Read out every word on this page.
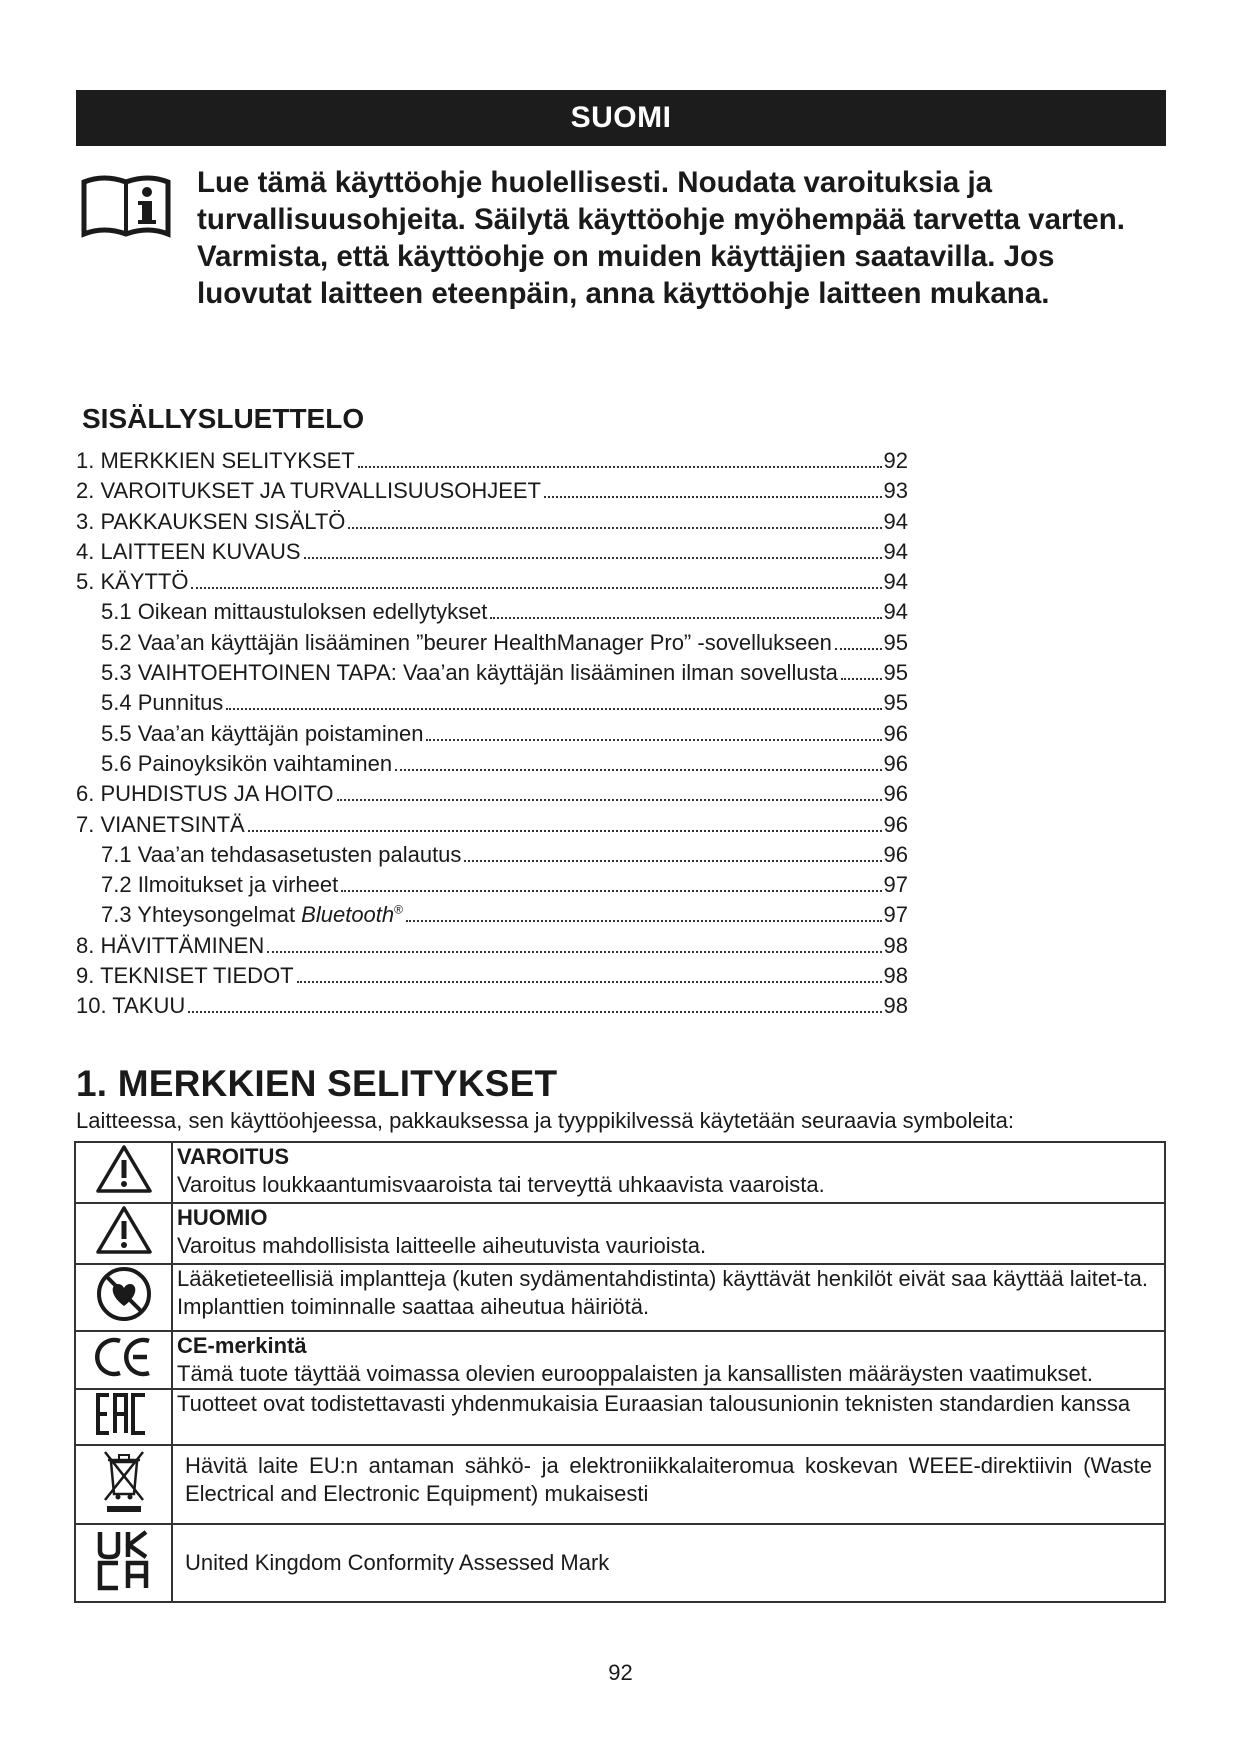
SUOMI
Lue tämä käyttöohje huolellisesti. Noudata varoituksia ja
turvallisuusohjeita. Säilytä käyttöohje myöhempää tarvetta varten.
Varmista, että käyttöohje on muiden käyttäjien saatavilla. Jos
luovutat laitteen eteenpäin, anna käyttöohje laitteen mukana.
SISÄLLYSLUETTELO
1. MERKKIEN SELITYKSET	92
2. VAROITUKSET JA TURVALLISUUSOHJEET	93
3. PAKKAUKSEN SISÄLTÖ	94
4. LAITTEEN KUVAUS	94
5. KÄYTTÖ	94
5.1 Oikean mittaustuloksen edellytykset	94
5.2 Vaa’an käyttäjän lisääminen ”beurer HealthManager Pro” -sovellukseen 95
5.3 VAIHTOEHTOINEN TAPA: Vaa’an käyttäjän lisääminen ilman sovellusta 95
5.4 Punnitus	95
5.5 Vaa’an käyttäjän poistaminen	96
5.6 Painoyksikön vaihtaminen	96
6. PUHDISTUS JA HOITO	96
7. VIANETSINTÄ	96
7.1 Vaa’an tehdasasetusten palautus	96
7.2 Ilmoitukset ja virheet	97
7.3 Yhteysongelmat Bluetooth®	97
8. HÄVITTÄMINEN	98
9. TEKNISET TIEDOT	98
10. TAKUU	98
1. MERKKIEN SELITYKSET
Laitteessa, sen käyttöohjeessa, pakkauksessa ja tyyppikilvessä käytetään seuraavia symboleita:

VAROITUS
Varoitus loukkaantumisvaaroista tai terveyttä uhkaavista vaaroista.

HUOMIO
Varoitus mahdollisista laitteelle aiheutuvista vaurioista.

Lääketieteellisiä implantteja (kuten sydämentahdistinta) käyttävät henkilöt eivät saa käyttää laitet-ta. Implanttien toiminnalle saattaa aiheutua häiriötä.

CE-merkintä
Tämä tuote täyttää voimassa olevien eurooppalaisten ja kansallisten määräysten vaatimukset.

Tuotteet ovat todistettavasti yhdenmukaisia Euraasian talousunionin teknisten standardien kanssa

Hävitä laite EU:n antaman sähkö- ja elektroniikkalaiteromua koskevan WEEE-direktiivin (Waste Electrical and Electronic Equipment) mukaisesti

United Kingdom Conformity Assessed Mark
92
